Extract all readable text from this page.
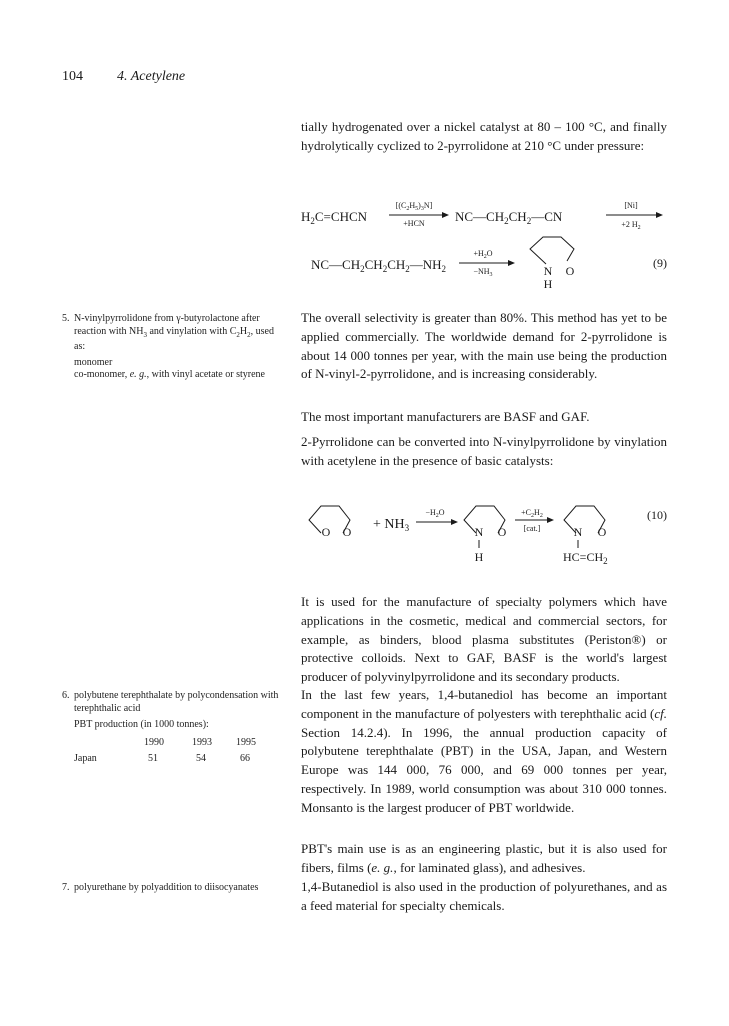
104 4. Acetylene

tially hydrogenated over a nickel catalyst at 80 – 100 °C, and finally hydrolytically cyclized to 2-pyrrolidone at 210 °C under pressure:

$H_2C=CHCN$
$[(C_2H_5)_3N]$
+HCN $NC—CH_2CH_2—CN$
[Ni]
+2 $H_2$
$NC—CH_2CH_2CH_2—NH_2$
$+H_2O$
$-NH_3$	N O
H
(9)
5. N-vinylpyrrolidone from γ-butyrolactone after reaction with $NH_3$ and vinylation with $C_2H_2$, used as:
monomer
co-monomer, e. g., with vinyl acetate or styrene

The overall selectivity is greater than 80%. This method has yet to be applied commercially. The worldwide demand for 2-pyrrolidone is about 14 000 tonnes per year, with the main use being the production of N-vinyl-2-pyrrolidone, and is increasing considerably.

The most important manufacturers are BASF and GAF.

2-Pyrrolidone can be converted into N-vinylpyrrolidone by vinylation with acetylene in the presence of basic catalysts:

O $O + NH_3$
$-H_2O$
N O
H
$+C_2H_2$
[cat.]	N O
$HC=CH_2$
(10)

It is used for the manufacture of specialty polymers which have applications in the cosmetic, medical and commercial sectors, for example, as binders, blood plasma substitutes (Periston®) or protective colloids. Next to GAF, BASF is the world's largest producer of polyvinylpyrrolidone and its secondary products.

6. polybutene terephthalate by polycondensation with terephthalic acid
PBT production (in 1000 tonnes):
	1990	1993	1995
Japan	51	54	66

In the last few years, 1,4-butanediol has become an important component in the manufacture of polyesters with terephthalic acid (cf. Section 14.2.4). In 1996, the annual production capacity of polybutene terephthalate (PBT) in the USA, Japan, and Western Europe was 144 000, 76 000, and 69 000 tonnes per year, respectively. In 1989, world consumption was about 310 000 tonnes. Monsanto is the largest producer of PBT worldwide.

PBT's main use is as an engineering plastic, but it is also used for fibers, films (e. g., for laminated glass), and adhesives.

7. polyurethane by polyaddition to diisocyanates	1,4-Butanediol is also used in the production of polyurethanes, and as a feed material for specialty chemicals.
